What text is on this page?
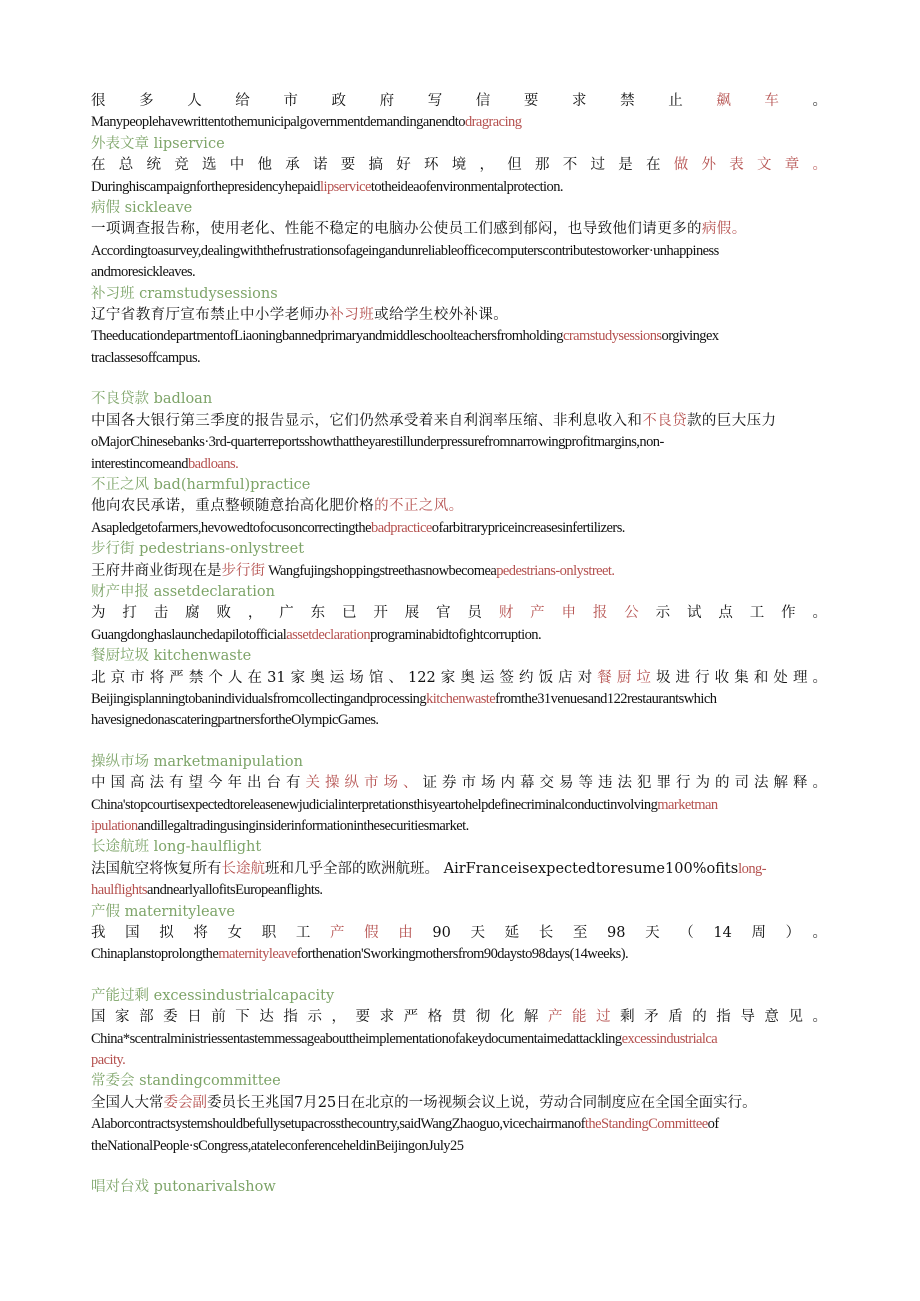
很多人给市政府写信要求禁止飙车。
Manypeoplehavewrittentothemunicipalgovernmentdemandinganendtodragracing
外表文章 lipservice
在总统竞选中他承诺要搞好环境，但那不过是在做外表文章。
Duringhiscampaignforthepresidencyhepaidlipservicetotheideaofenvironmentalprotection.
病假 sickleave
一项调查报告称，使用老化、性能不稳定的电脑办公使员工们感到郁闷，也导致他们请更多的病假。
Accordingtoasurvey,dealingwiththefrustrationsofageingandunreliableofficecomputerscontributestoworker·unhappiness
andmoresickleaves.
补习班 cramstudysessions
辽宁省教育厅宣布禁止中小学老师办补习班或给学生校外补课。
TheeducationdepartmentofLiaoningbannedprimaryandmiddleschoolteachersfromholdingcramstudysessionsorgivingex
traclassesoffcampus.
不良贷款 badloan
中国各大银行第三季度的报告显示，它们仍然承受着来自利润率压缩、非利息收入和不良贷款的巨大压力
oMajorChinesebanks·3rd-quarterreportsshowthattheyarestillunderpressurefromnarrowingprofitmargins,non-
interestincomeandbadloans.
不正之风 bad(harmful)practice
他向农民承诺，重点整顿随意抬高化肥价格的不正之风。
Asapledgetofarmers,hevowedtofocusoncorrectingthebadpracticeofarbitrarypriceincreasesinfertilizers.
步行街 pedestrians-onlystreet
王府井商业街现在是步行街 Wangfujingshoppingstreethasnowbecomeapedestrians-onlystreet.
财产申报 assetdeclaration
为打击腐败，广东已开展官员财产申报公示试点工作。
Guangdonghaslaunchedapilotofficialassetdeclarationprograminabidtofightcorruption.
餐厨垃圾 kitchenwaste
北京市将严禁个人在31家奥运场馆、122家奥运签约饭店对餐厨垃圾进行收集和处理。
Beijingisplanningtobanindividualsfromcollectingandprocessingkitchenwastefromthe31venuesand122restaurantswhich
havesignedonascateringpartnersfortheOlympicGames.
操纵市场 marketmanipulation
中国高法有望今年出台有关操纵市场、证券市场内幕交易等违法犯罪行为的司法解释。
China'stopcourtisexpectedtoreleasenewjudicialinterpretationsthisyeartohelpdefinecriminalconductinvolvingmarketman
ipulationandillegaltradingusinginsiderinformationinthesecuritiesmarket.
长途航班 long-haulflight
法国航空将恢复所有长途航班和几乎全部的欧洲航班。 AirFranceisexpectedtoresume100%ofitslong-
haulflightsandnearlyallofitsEuropeanflights.
产假 maternityleave
我国拟将女职工产假由90天延长至98天（14周）。
Chinaplanstoprolongthematernityleaveforthenation'Sworkingmothersfrom90daysto98days(14weeks).
产能过剩 excessindustrialcapacity
国家部委日前下达指示，要求严格贯彻化解产能过剩矛盾的指导意见。
China*scentralministriessentastemmessageabouttheimplementationofakeydocumentaimedattacklingexcessindustrialca
pacity.
常委会 standingcommittee
全国人大常委会副委员长王兆国7月25日在北京的一场视频会议上说，劳动合同制度应在全国全面实行。
Alaborcontractsystemshouldbefullysetupacrossthecountry,saidWangZhaoguo,vicechairmanoftheStandingCommitteeof
theNationalPeople·sCongress,atateleconferenceheldinBeijingonJuly25
唱对台戏 putonarivalshow
